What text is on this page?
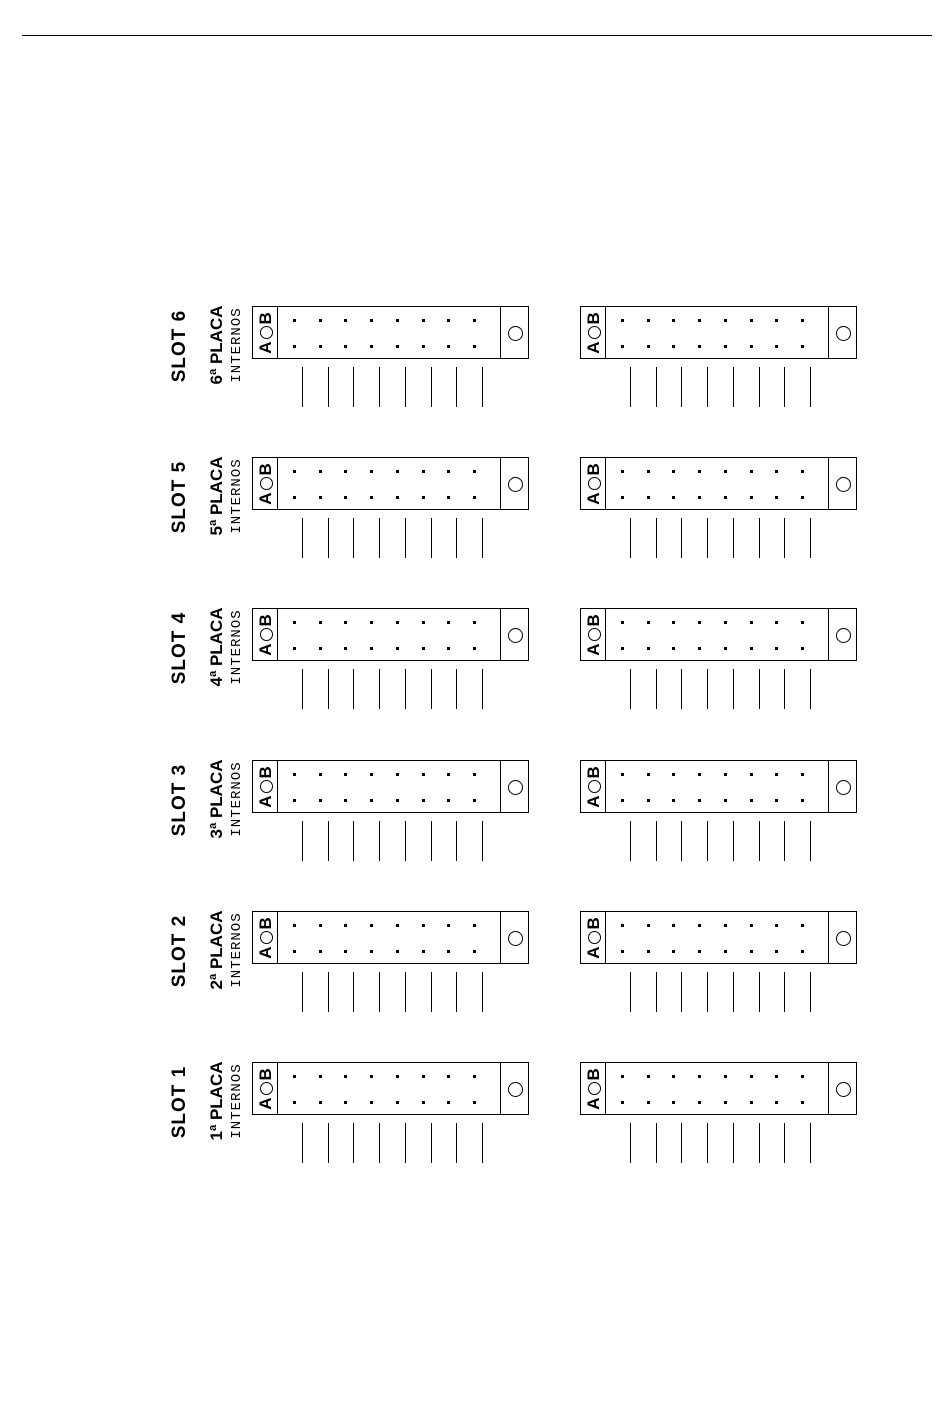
SLOT 6 6ª PLACA INTERNOS A
B
A
B
SLOT 5 5ª PLACA INTERNOS A
B
A
B
SLOT 4 4ª PLACA INTERNOS A
B
A
B
SLOT 3 3ª PLACA INTERNOS A
B
A
B
SLOT 2 2ª PLACA INTERNOS A
B
A
B
SLOT 1 1ª PLACA INTERNOS A
B
A
B
